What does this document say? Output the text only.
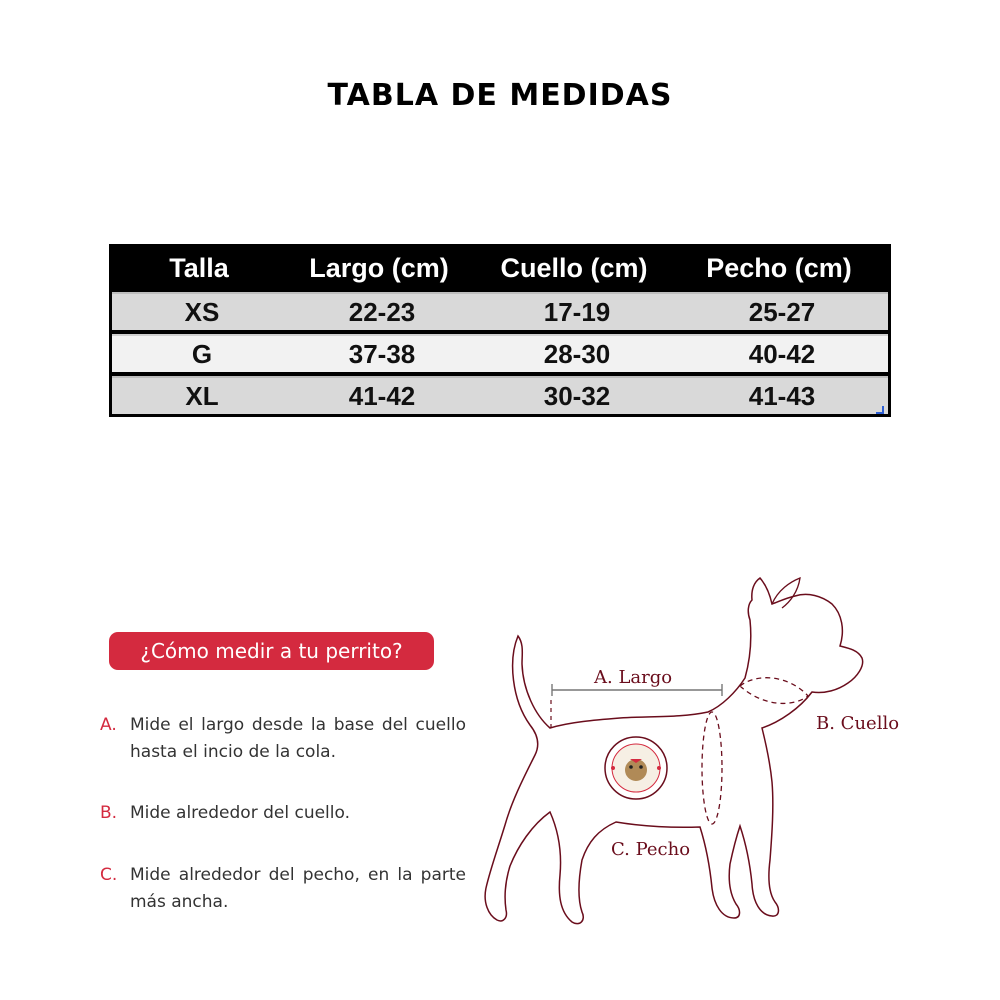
TABLA DE MEDIDAS
Talla	Largo (cm)	Cuello (cm)	Pecho (cm)
XS	22-23	17-19	25-27
G	37-38	28-30	40-42
XL	41-42	30-32	41-43
¿Cómo medir a tu perrito?
A. Mide el largo desde la base del cuello hasta el incio de la cola.
B. Mide alrededor del cuello.
C. Mide alrededor del pecho, en la parte más ancha.
A. Largo
B. Cuello
C. Pecho
